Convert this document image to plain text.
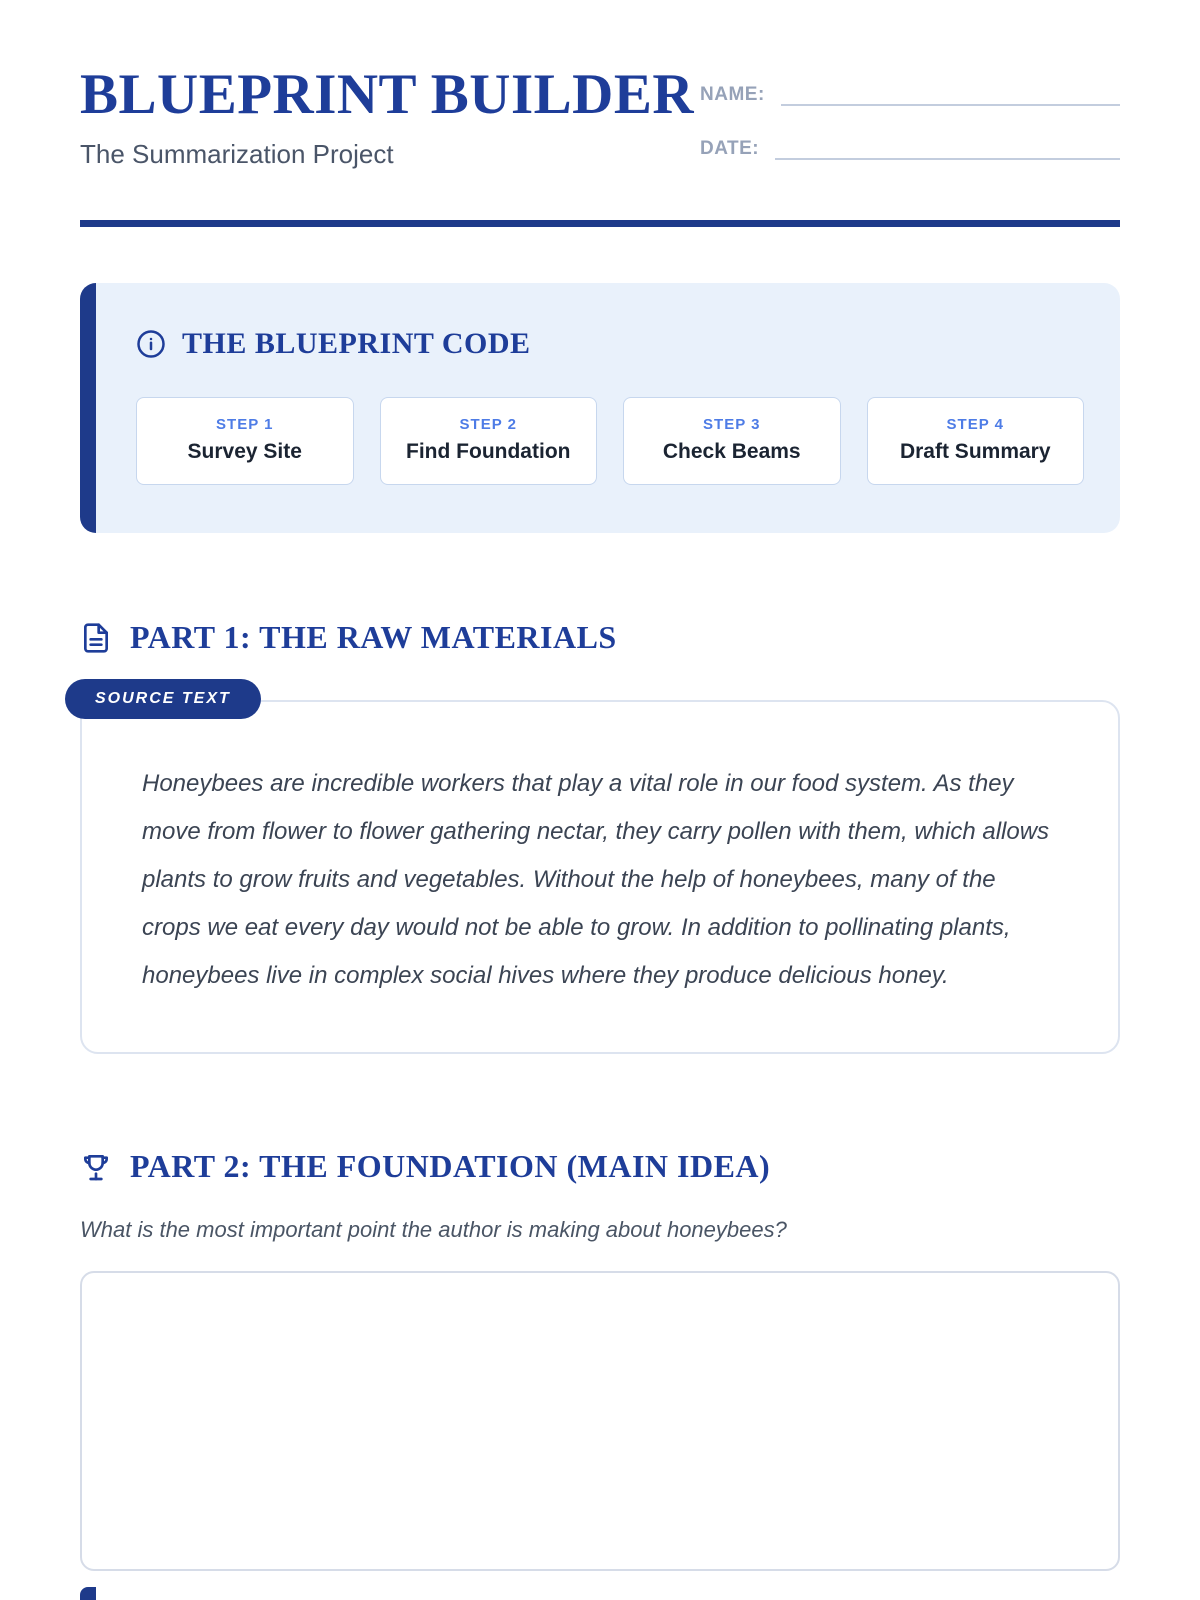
BLUEPRINT BUILDER
The Summarization Project
NAME:
DATE:
THE BLUEPRINT CODE
STEP 1
Survey Site
STEP 2
Find Foundation
STEP 3
Check Beams
STEP 4
Draft Summary
PART 1: THE RAW MATERIALS
SOURCE TEXT

Honeybees are incredible workers that play a vital role in our food system. As they move from flower to flower gathering nectar, they carry pollen with them, which allows plants to grow fruits and vegetables. Without the help of honeybees, many of the crops we eat every day would not be able to grow. In addition to pollinating plants, honeybees live in complex social hives where they produce delicious honey.

PART 2: THE FOUNDATION (MAIN IDEA)

What is the most important point the author is making about honeybees?
